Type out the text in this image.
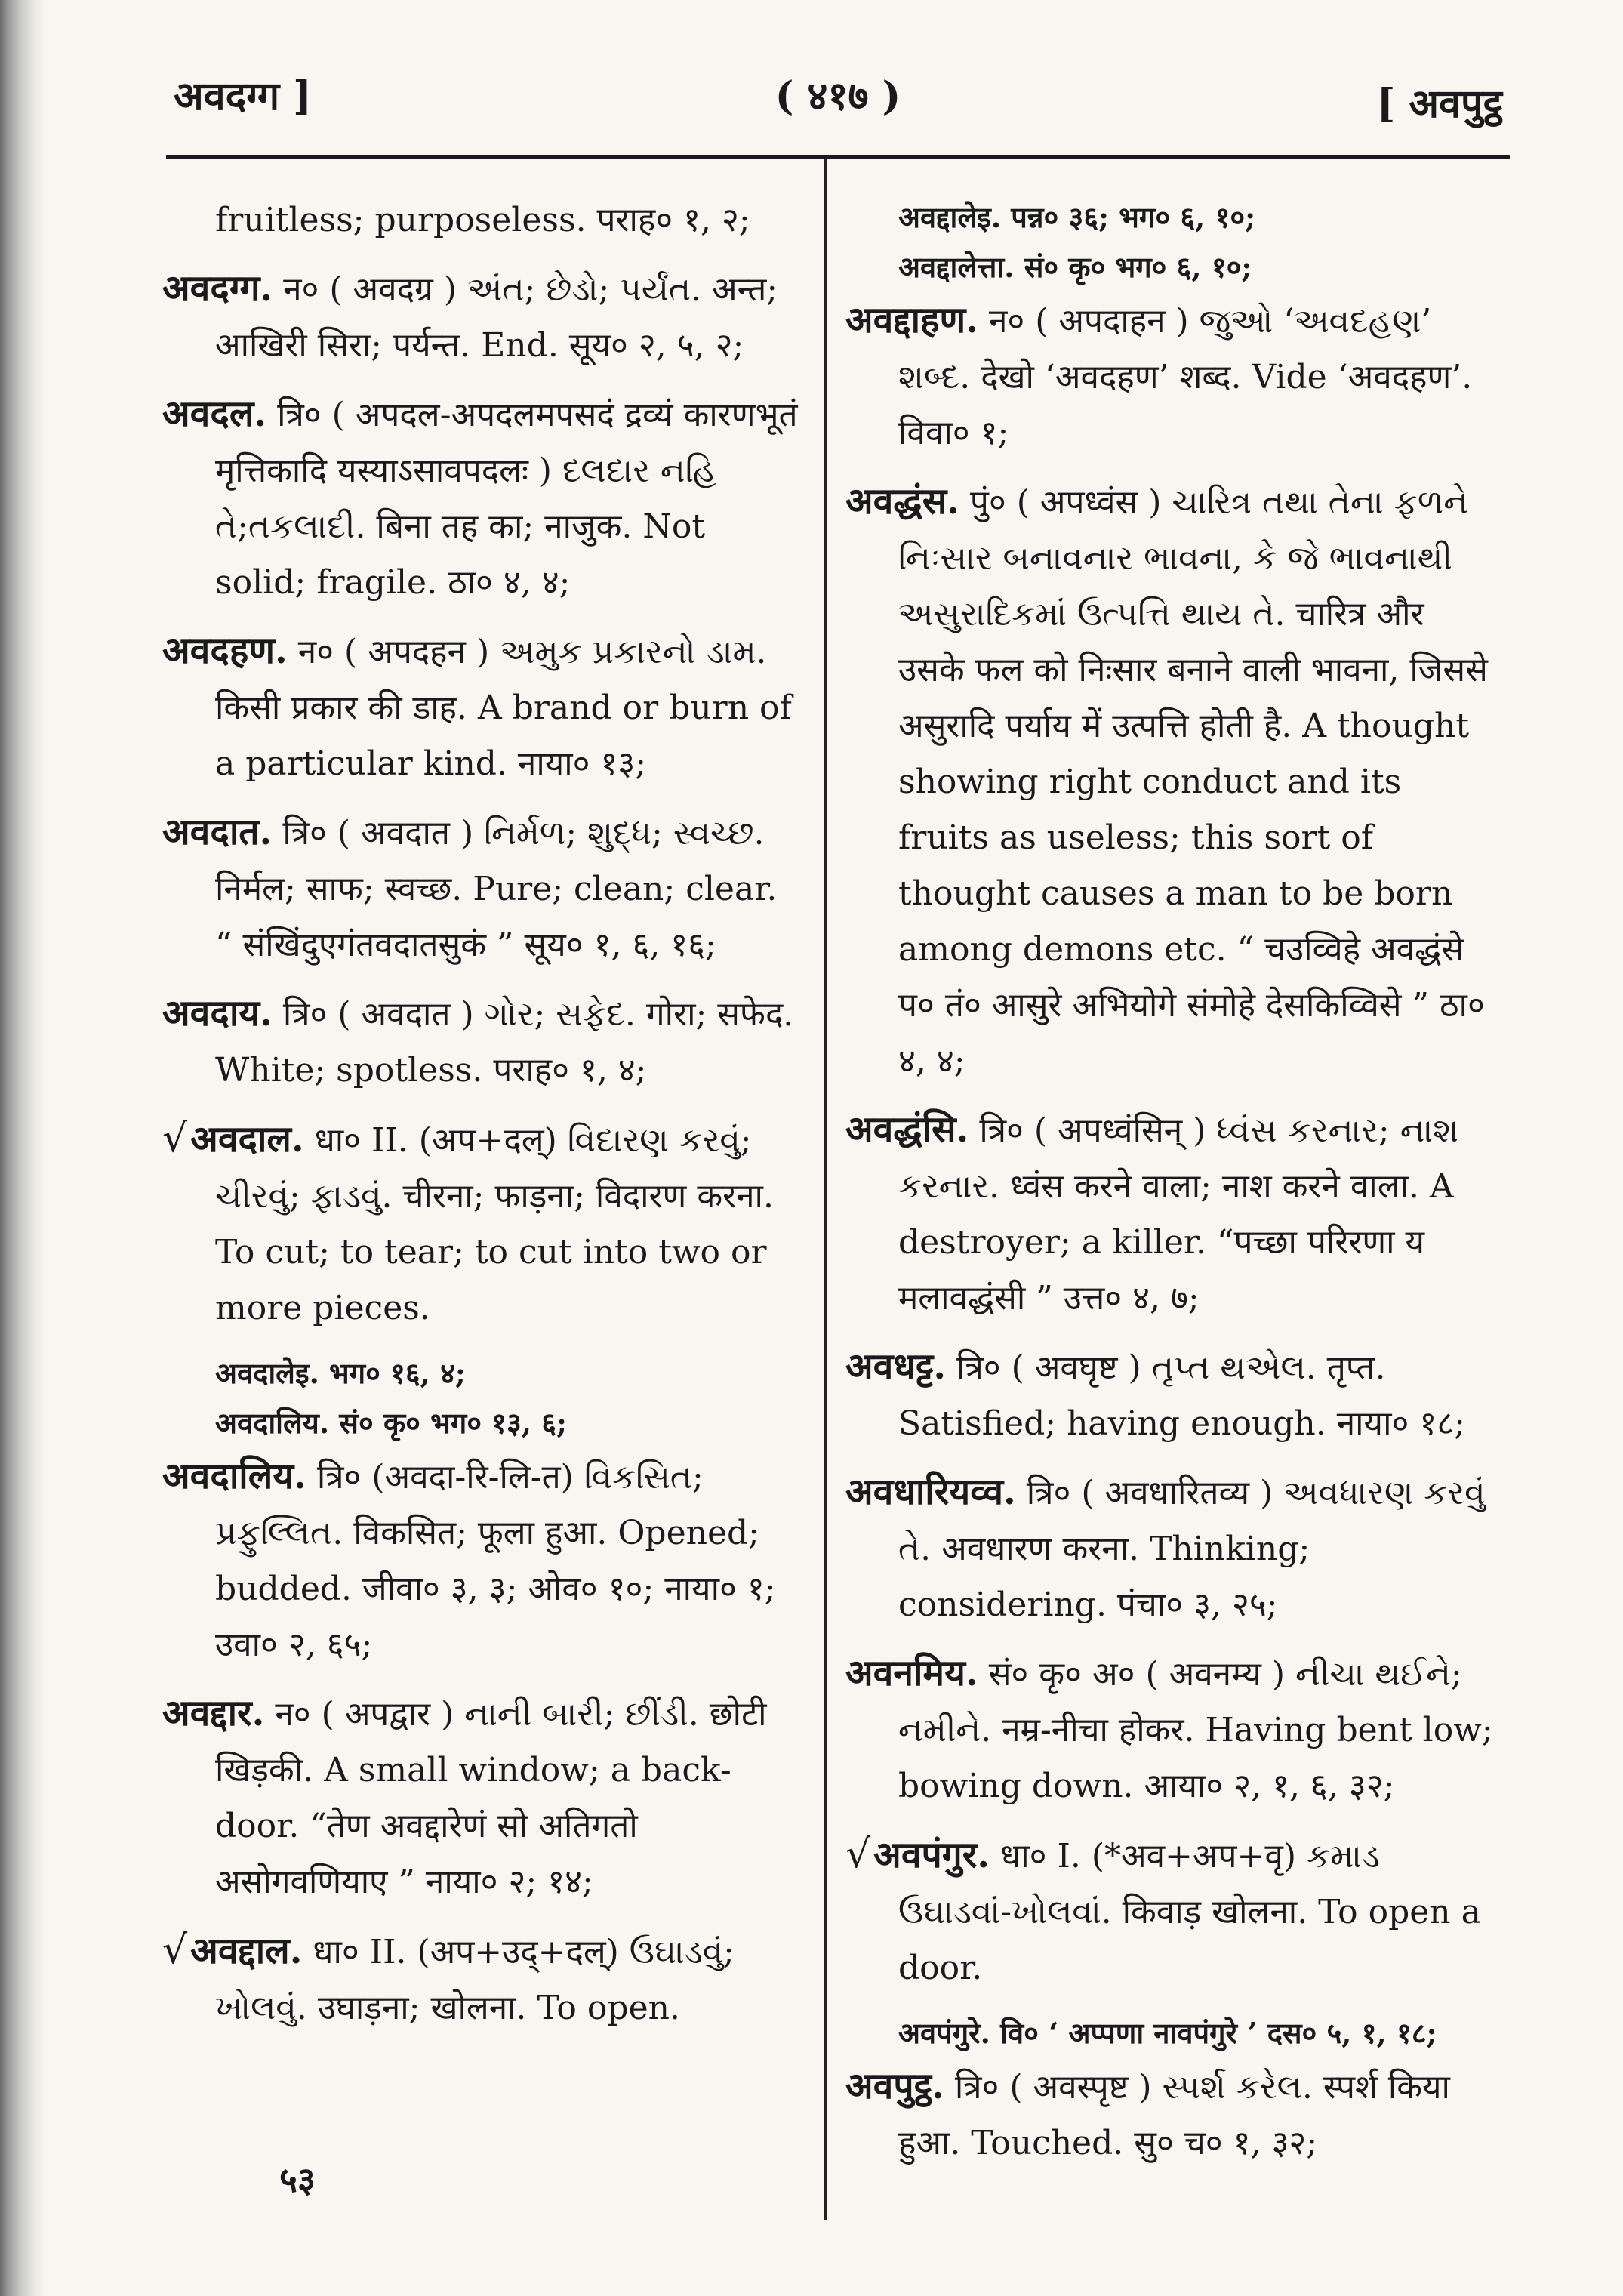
अवदग्ग ]	( ४१७ )	[ अवपुट्ठ

fruitless; purposeless. पराह० १, २;

अवदग्ग. न० ( अवदग्र ) અંત; છેડો; પર્યંત. अन्त; आखिरी सिरा; पर्यन्त. End. सूय० २, ५, २;

अवदल. त्रि० ( अपदल-अपदलमपसदं द्रव्यं कारणभूतं मृत्तिकादि यस्याऽसावपदलः ) દલદાર નહિ તે;તકલાદી. बिना तह का; नाजुक. Not solid; fragile. ठा० ४, ४;

अवदहण. न० ( अपदहन ) અમુક પ્રકારનો ડામ. किसी प्रकार की डाह. A brand or burn of a particular kind. नाया० १३;

अवदात. त्रि० ( अवदात ) નિર્મળ; શુદ્ધ; સ્વચ્છ. निर्मल; साफ; स्वच्छ. Pure; clean; clear. “ संखिंदुएगंतवदातसुकं ” सूय० १, ६, १६;

अवदाय. त्रि० ( अवदात ) ગોર; સફેદ. गोरा; सफेद. White; spotless. पराह० १, ४;

√अवदाल. धा० II. (अप+दल्) વિદારણ કરવું; ચીરવું; ફાડવું. चीरना; फाड़ना; विदारण करना. To cut; to tear; to cut into two or more pieces.

अवदालेइ. भग० १६, ४;

अवदालिय. सं० कृ० भग० १३, ६;

अवदालिय. त्रि० (अवदा-रि-लि-त) વિકસિત; પ્રફુલ્લિત. विकसित; फूला हुआ. Opened; budded. जीवा० ३, ३; ओव० १०; नाया० १; उवा० २, ६५;

अवद्दार. न० ( अपद्वार ) નાની બારી; છીંડી. छोटी खिड़की. A small window; a back-door. “तेण अवद्दारेणं सो अतिगतो असोगवणियाए ” नाया० २; १४;

√अवद्दाल. धा० II. (अप+उद्+दल्) ઉઘાડવું; ખોલવું. उघाड़ना; खोलना. To open.

अवद्दालेइ. पन्न० ३६; भग० ६, १०;

अवद्दालेत्ता. सं० कृ० भग० ६, १०;

अवद्दाहण. न० ( अपदाहन ) જુઓ ‘અવદહણ’ શબ્દ. देखो ‘अवदहण’ शब्द. Vide ‘अवदहण’. विवा० १;

अवद्धंस. पुं० ( अपध्वंस ) ચારિત્ર તથા તેના ફળને નિઃસાર બનાવનાર ભાવના, કે જે ભાવનાથી અસુરાદિકમાં ઉત્પત્તિ થાય તે. चारित्र और उसके फल को निःसार बनाने वाली भावना, जिससे असुरादि पर्याय में उत्पत्ति होती है. A thought showing right conduct and its fruits as useless; this sort of thought causes a man to be born among demons etc. “ चउव्विहे अवद्धंसे प० तं० आसुरे अभियोगे संमोहे देसकिव्विसे ” ठा० ४, ४;

अवद्धंसि. त्रि० ( अपध्वंसिन् ) ધ્વંસ કરનાર; નાશ કરનાર. ध्वंस करने वाला; नाश करने वाला. A destroyer; a killer. “पच्छा परिरणा य मलावद्धंसी ” उत्त० ४, ७;

अवधट्ट. त्रि० ( अवघृष्ट ) તૃપ્ત થએલ. तृप्त. Satisfied; having enough. नाया० १८;

अवधारियव्व. त्रि० ( अवधारितव्य ) અવધારણ કરવું તે. अवधारण करना. Thinking; considering. पंचा० ३, २५;

अवनमिय. सं० कृ० अ० ( अवनम्य ) નીચા થઈને; નમીને. नम्र-नीचा होकर. Having bent low; bowing down. आया० २, १, ६, ३२;

√अवपंगुर. धा० I. (*अव+अप+वृ) કમાડ ઉઘાડવાં-ખોલવાં. किवाड़ खोलना. To open a door.

अवपंगुरे. वि० ‘ अप्पणा नावपंगुरे ’ दस० ५, १, १८;

अवपुट्ठ. त्रि० ( अवस्पृष्ट ) સ્પર્શ કરેલ. स्पर्श किया हुआ. Touched. सु० च० १, ३२;

५३
